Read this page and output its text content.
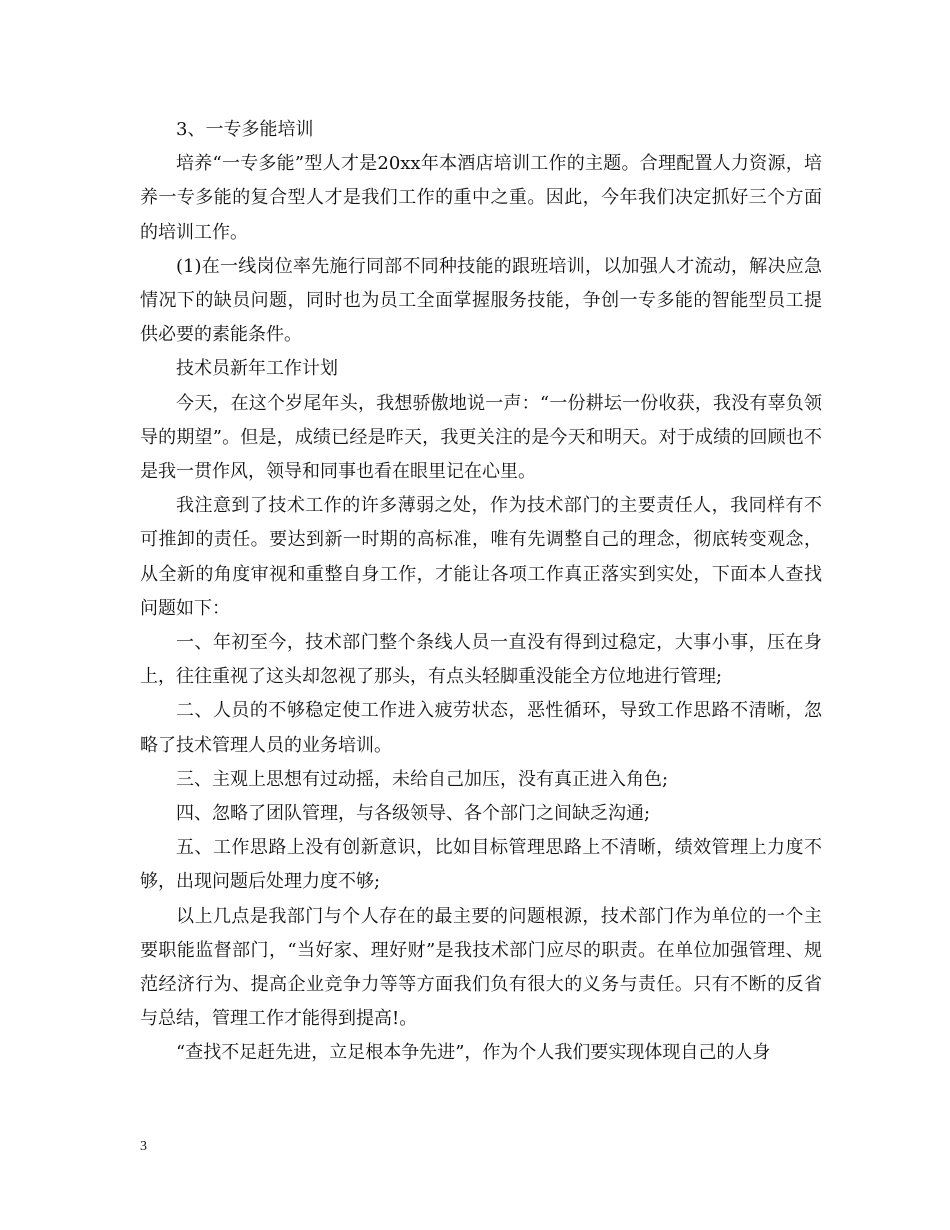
3、一专多能培训

培养“一专多能”型人才是20xx年本酒店培训工作的主题。合理配置人力资源，培养一专多能的复合型人才是我们工作的重中之重。因此，今年我们决定抓好三个方面的培训工作。

(1)在一线岗位率先施行同部不同种技能的跟班培训，以加强人才流动，解决应急情况下的缺员问题，同时也为员工全面掌握服务技能，争创一专多能的智能型员工提供必要的素能条件。

技术员新年工作计划

今天，在这个岁尾年头，我想骄傲地说一声：“一份耕坛一份收获，我没有辜负领导的期望”。但是，成绩已经是昨天，我更关注的是今天和明天。对于成绩的回顾也不是我一贯作风，领导和同事也看在眼里记在心里。

我注意到了技术工作的许多薄弱之处，作为技术部门的主要责任人，我同样有不可推卸的责任。要达到新一时期的高标准，唯有先调整自己的理念，彻底转变观念，从全新的角度审视和重整自身工作，才能让各项工作真正落实到实处，下面本人查找问题如下：

一、年初至今，技术部门整个条线人员一直没有得到过稳定，大事小事，压在身上，往往重视了这头却忽视了那头，有点头轻脚重没能全方位地进行管理;

二、人员的不够稳定使工作进入疲劳状态，恶性循环，导致工作思路不清晰，忽略了技术管理人员的业务培训。

三、主观上思想有过动摇，未给自己加压，没有真正进入角色;

四、忽略了团队管理，与各级领导、各个部门之间缺乏沟通;

五、工作思路上没有创新意识，比如目标管理思路上不清晰，绩效管理上力度不够，出现问题后处理力度不够;

以上几点是我部门与个人存在的最主要的问题根源，技术部门作为单位的一个主要职能监督部门，“当好家、理好财”是我技术部门应尽的职责。在单位加强管理、规范经济行为、提高企业竞争力等等方面我们负有很大的义务与责任。只有不断的反省与总结，管理工作才能得到提高!。

“查找不足赶先进，立足根本争先进”，作为个人我们要实现体现自己的人身

3
